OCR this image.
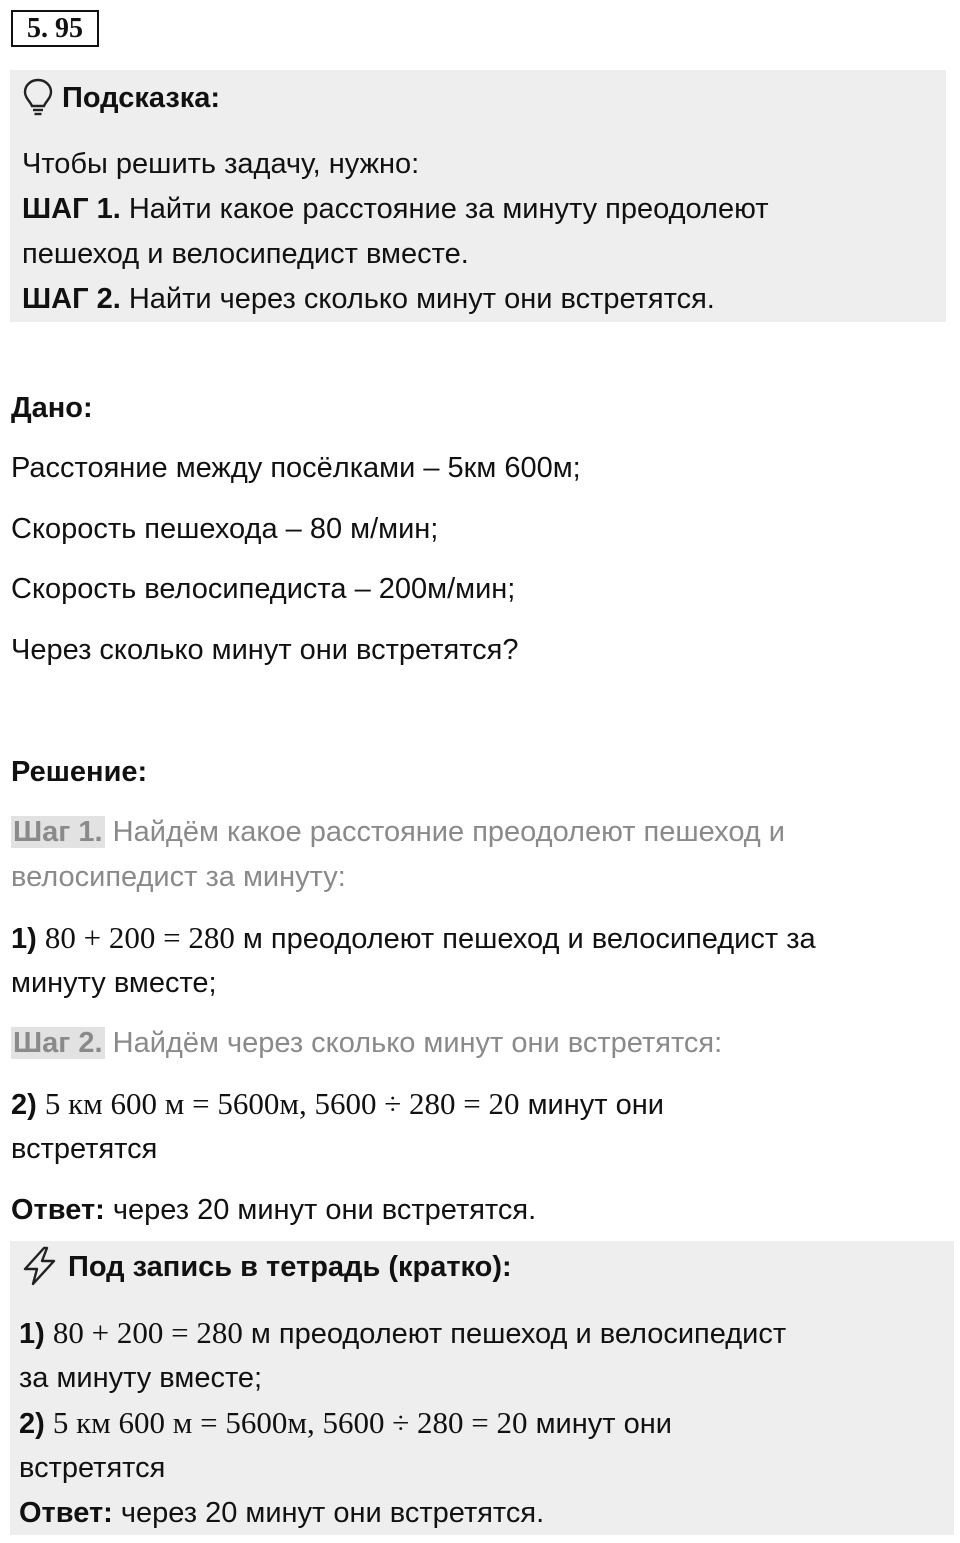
5. 95
Подсказка:
Чтобы решить задачу, нужно:
ШАГ 1. Найти какое расстояние за минуту преодолеют
пешеход и велосипедист вместе.
ШАГ 2. Найти через сколько минут они встретятся.
Дано:
Расстояние между посёлками – 5км 600м;
Скорость пешехода – 80 м/мин;
Скорость велосипедиста – 200м/мин;
Через сколько минут они встретятся?
Решение:
Шаг 1. Найдём какое расстояние преодолеют пешеход и
велосипедист за минуту:
1) 80 + 200 = 280 м преодолеют пешеход и велосипедист за
минуту вместе;
Шаг 2. Найдём через сколько минут они встретятся:
2) 5 км 600 м = 5600м, 5600 ÷ 280 = 20 минут они
встретятся
Ответ: через 20 минут они встретятся.
Под запись в тетрадь (кратко):
1) 80 + 200 = 280 м преодолеют пешеход и велосипедист
за минуту вместе;
2) 5 км 600 м = 5600м, 5600 ÷ 280 = 20 минут они
встретятся
Ответ: через 20 минут они встретятся.
